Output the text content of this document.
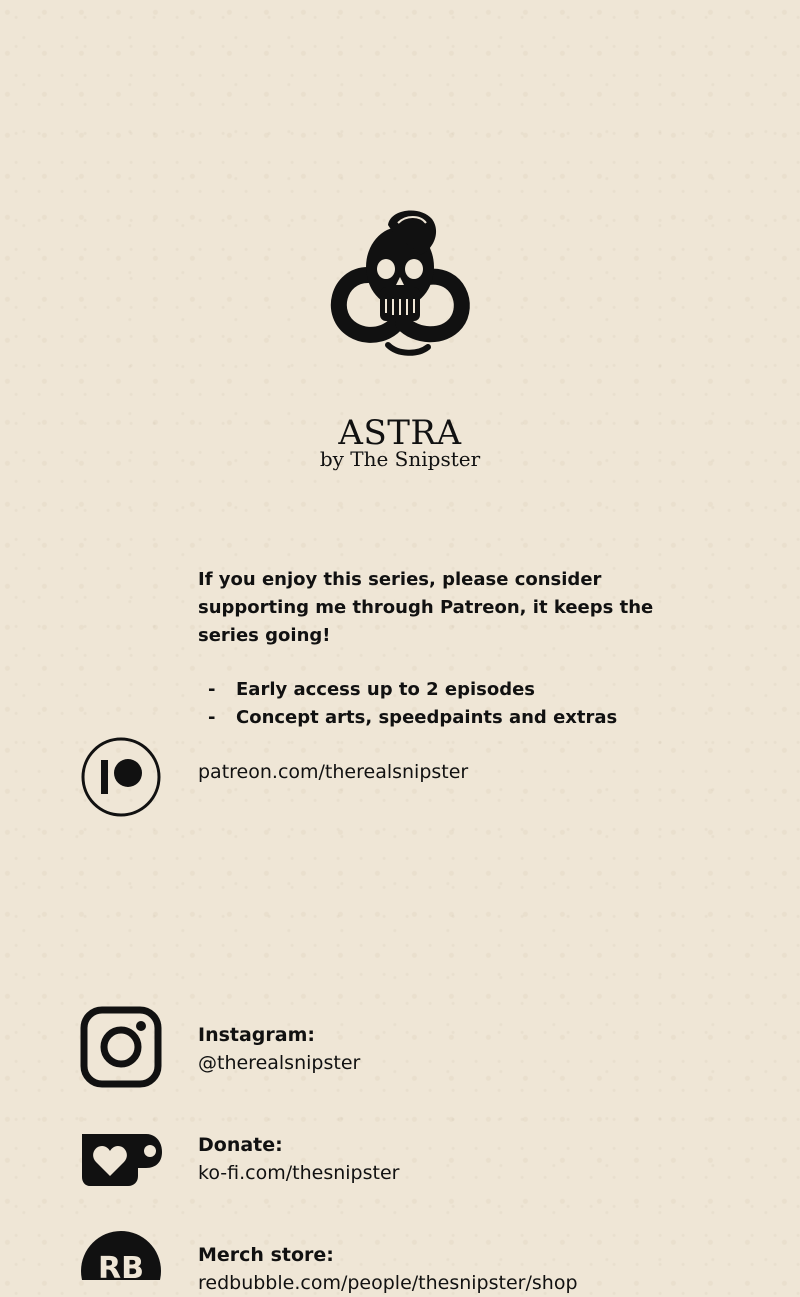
ASTRA
by The Snipster

If you enjoy this series, please consider supporting me through Patreon, it keeps the series going!

- Early access up to 2 episodes
- Concept arts, speedpaints and extras
patreon.com/therealsnipster
Instagram:
@therealsnipster
Donate:
ko-fi.com/thesnipster
RB	Merch store:
redbubble.com/people/thesnipster/shop
